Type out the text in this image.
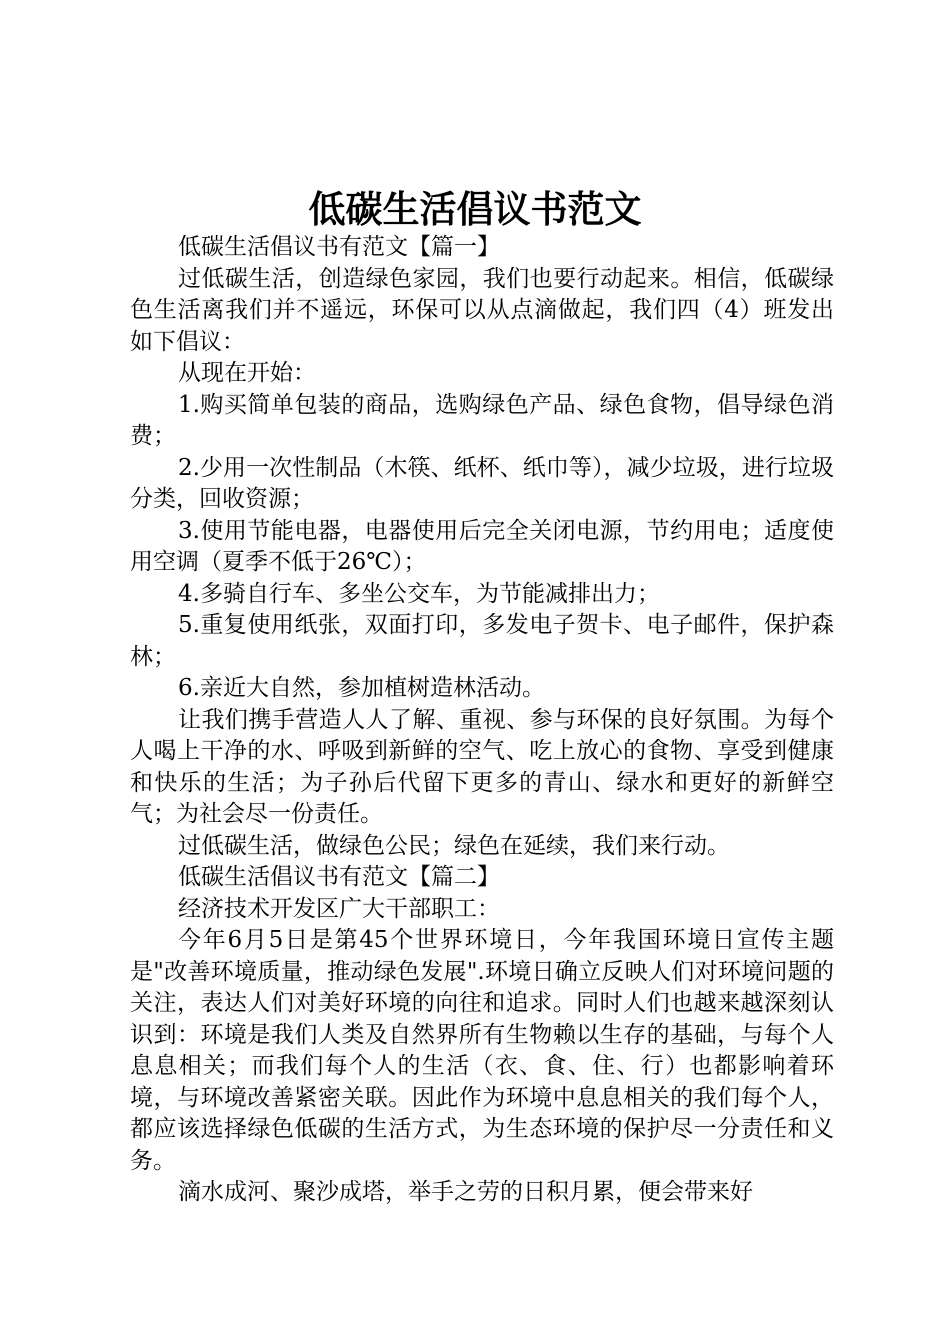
低碳生活倡议书范文

低碳生活倡议书有范文【篇一】

过低碳生活，创造绿色家园，我们也要行动起来。相信，低碳绿色生活离我们并不遥远，环保可以从点滴做起，我们四（4）班发出如下倡议：

从现在开始：

1.购买简单包装的商品，选购绿色产品、绿色食物，倡导绿色消费；

2.少用一次性制品（木筷、纸杯、纸巾等），减少垃圾，进行垃圾分类，回收资源；

3.使用节能电器，电器使用后完全关闭电源，节约用电；适度使用空调（夏季不低于26℃）；

4.多骑自行车、多坐公交车，为节能减排出力；

5.重复使用纸张，双面打印，多发电子贺卡、电子邮件，保护森林；

6.亲近大自然，参加植树造林活动。

让我们携手营造人人了解、重视、参与环保的良好氛围。为每个人喝上干净的水、呼吸到新鲜的空气、吃上放心的食物、享受到健康和快乐的生活；为子孙后代留下更多的青山、绿水和更好的新鲜空气；为社会尽一份责任。

过低碳生活，做绿色公民；绿色在延续，我们来行动。

低碳生活倡议书有范文【篇二】

经济技术开发区广大干部职工：

今年6月5日是第45个世界环境日，今年我国环境日宣传主题是"改善环境质量，推动绿色发展".环境日确立反映人们对环境问题的关注，表达人们对美好环境的向往和追求。同时人们也越来越深刻认识到：环境是我们人类及自然界所有生物赖以生存的基础，与每个人息息相关；而我们每个人的生活（衣、食、住、行）也都影响着环境，与环境改善紧密关联。因此作为环境中息息相关的我们每个人，都应该选择绿色低碳的生活方式，为生态环境的保护尽一分责任和义务。

滴水成河、聚沙成塔，举手之劳的日积月累，便会带来好
